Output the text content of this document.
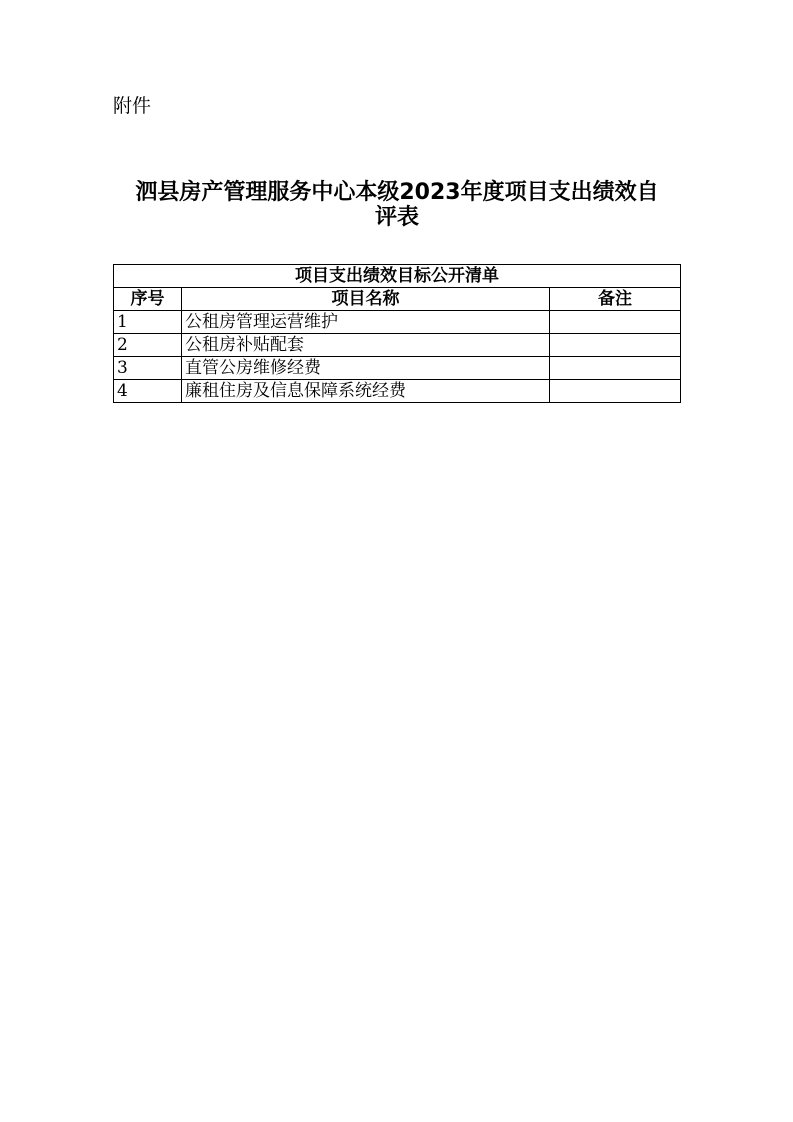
附件
泗县房产管理服务中心本级2023年度项目支出绩效自
评表
项目支出绩效目标公开清单		
序号	项目名称	备注
1	公租房管理运营维护	
2	公租房补贴配套	
3	直管公房维修经费	
4	廉租住房及信息保障系统经费	
